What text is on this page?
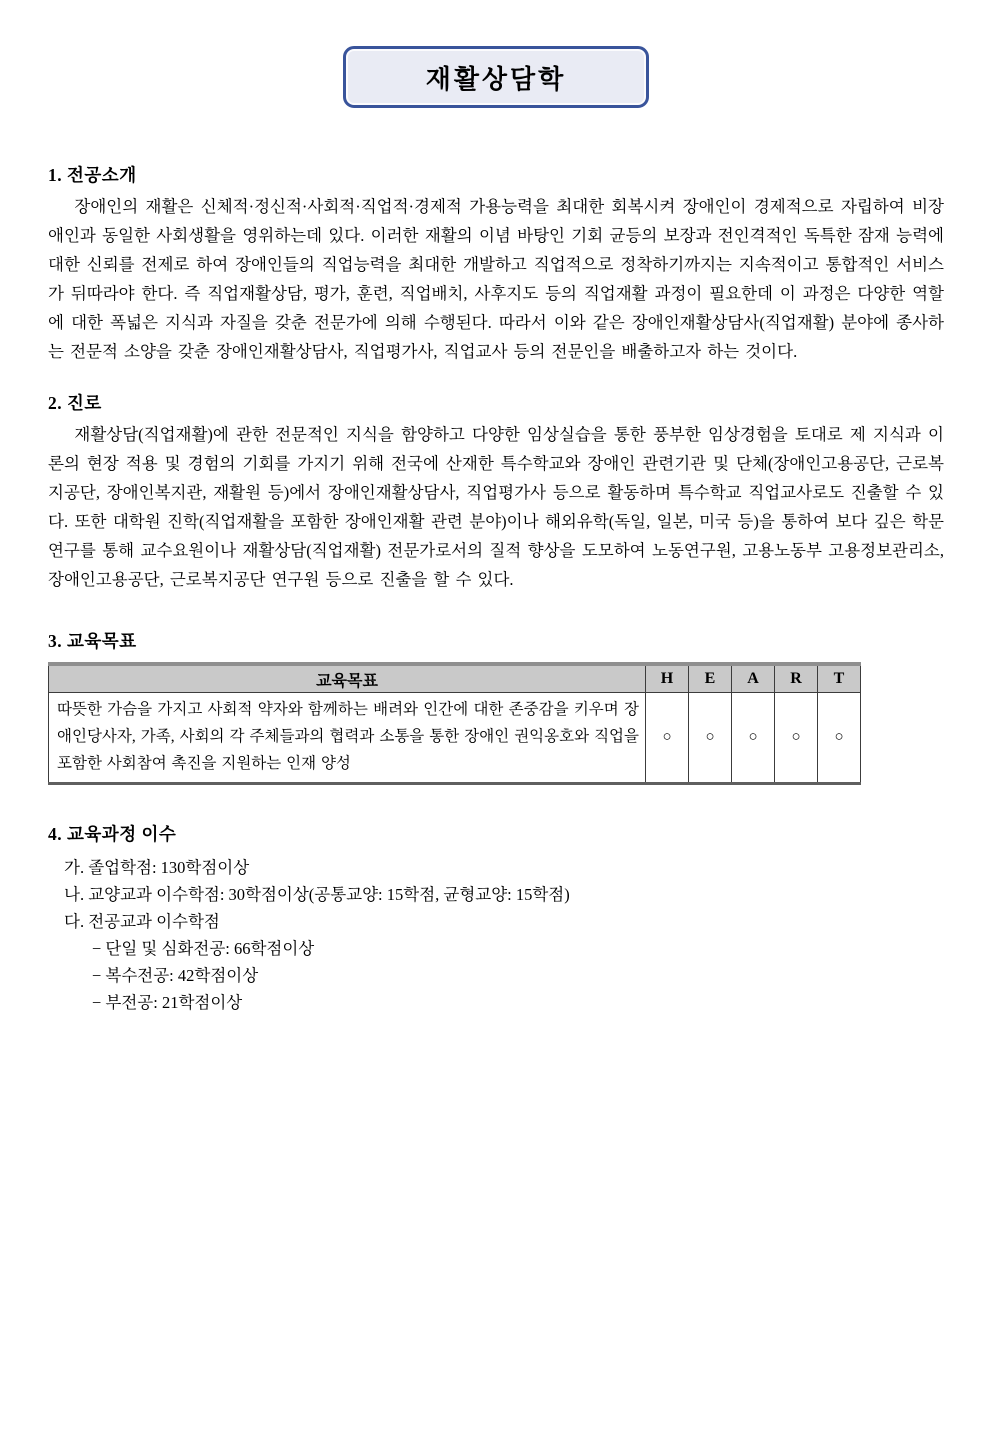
재활상담학
1. 전공소개

장애인의 재활은 신체적·정신적·사회적·직업적·경제적 가용능력을 최대한 회복시켜 장애인이 경제적으로 자립하여 비장애인과 동일한 사회생활을 영위하는데 있다. 이러한 재활의 이념 바탕인 기회 균등의 보장과 전인격적인 독특한 잠재 능력에 대한 신뢰를 전제로 하여 장애인들의 직업능력을 최대한 개발하고 직업적으로 정착하기까지는 지속적이고 통합적인 서비스가 뒤따라야 한다. 즉 직업재활상담, 평가, 훈련, 직업배치, 사후지도 등의 직업재활 과정이 필요한데 이 과정은 다양한 역할에 대한 폭넓은 지식과 자질을 갖춘 전문가에 의해 수행된다. 따라서 이와 같은 장애인재활상담사(직업재활) 분야에 종사하는 전문적 소양을 갖춘 장애인재활상담사, 직업평가사, 직업교사 등의 전문인을 배출하고자 하는 것이다.

2. 진로

재활상담(직업재활)에 관한 전문적인 지식을 함양하고 다양한 임상실습을 통한 풍부한 임상경험을 토대로 제 지식과 이론의 현장 적용 및 경험의 기회를 가지기 위해 전국에 산재한 특수학교와 장애인 관련기관 및 단체(장애인고용공단, 근로복지공단, 장애인복지관, 재활원 등)에서 장애인재활상담사, 직업평가사 등으로 활동하며 특수학교 직업교사로도 진출할 수 있다. 또한 대학원 진학(직업재활을 포함한 장애인재활 관련 분야)이나 해외유학(독일, 일본, 미국 등)을 통하여 보다 깊은 학문연구를 통해 교수요원이나 재활상담(직업재활) 전문가로서의 질적 향상을 도모하여 노동연구원, 고용노동부 고용정보관리소, 장애인고용공단, 근로복지공단 연구원 등으로 진출을 할 수 있다.

3. 교육목표
교육목표	H	E	A	R	T
따뜻한 가슴을 가지고 사회적 약자와 함께하는 배려와 인간에 대한 존중감을 키우며 장애인당사자, 가족, 사회의 각 주체들과의 협력과 소통을 통한 장애인 권익옹호와 직업을 포함한 사회참여 촉진을 지원하는 인재 양성	○	○	○	○	○
4. 교육과정 이수
가. 졸업학점: 130학점이상
나. 교양교과 이수학점: 30학점이상(공통교양: 15학점, 균형교양: 15학점)
다. 전공교과 이수학점
− 단일 및 심화전공: 66학점이상
− 복수전공: 42학점이상
− 부전공: 21학점이상
